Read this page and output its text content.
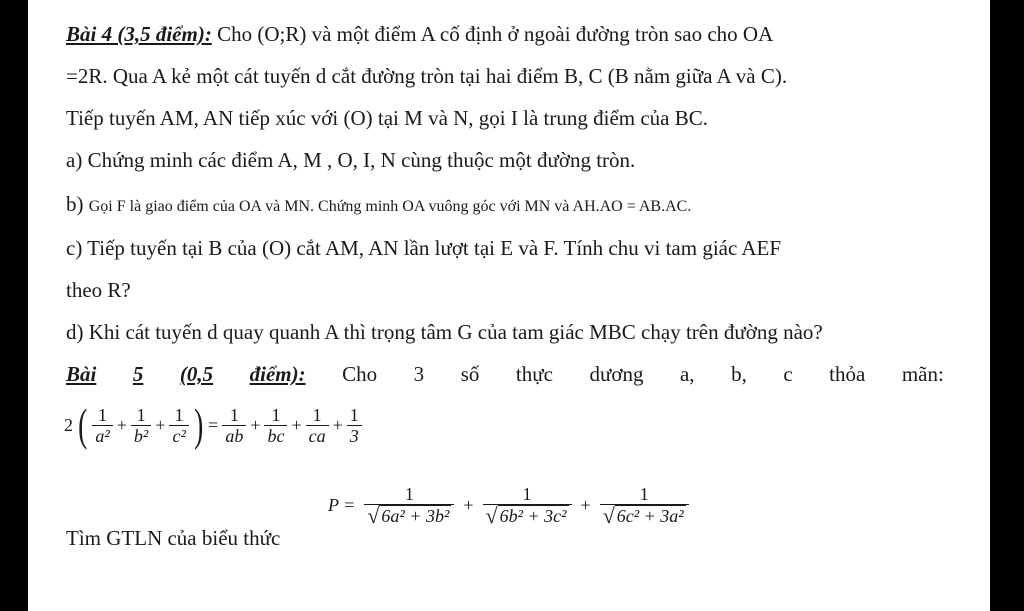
Bài 4 (3,5 điểm): Cho (O;R) và một điểm A cố định ở ngoài đường tròn sao cho OA
=2R. Qua A kẻ một cát tuyến d cắt đường tròn tại hai điểm B, C (B nằm giữa A và C).
Tiếp tuyến AM, AN tiếp xúc với (O) tại M và N, gọi I là trung điểm của BC.
a) Chứng minh các điểm A, M , O, I, N cùng thuộc một đường tròn.
b) Gọi F là giao điểm của OA và MN. Chứng minh OA vuông góc với MN và AH.AO = AB.AC.
c) Tiếp tuyến tại B của (O) cắt AM, AN lần lượt tại E và F. Tính chu vi tam giác AEF
theo R?
d) Khi cát tuyến d quay quanh A thì trọng tâm G của tam giác MBC chạy trên đường nào?
Bài 5 (0,5 điểm): Cho 3 số thực dương a, b, c thỏa mãn:
2 ( $\frac{1}{\text{a²}} + \frac{1}{\text{b²}} + \frac{1}{\text{c²}}$ ) = $\frac{1}{ab} + \frac{1}{bc} + \frac{1}{ca} + \frac{1}{3}$
Tìm GTLN của biểu thức
$P = \frac{1}{\text{√ 6a² + 3b²}} + \frac{1}{\text{√ 6b² + 3c²}} + \frac{1}{\text{√ 6c² + 3a²}}$
